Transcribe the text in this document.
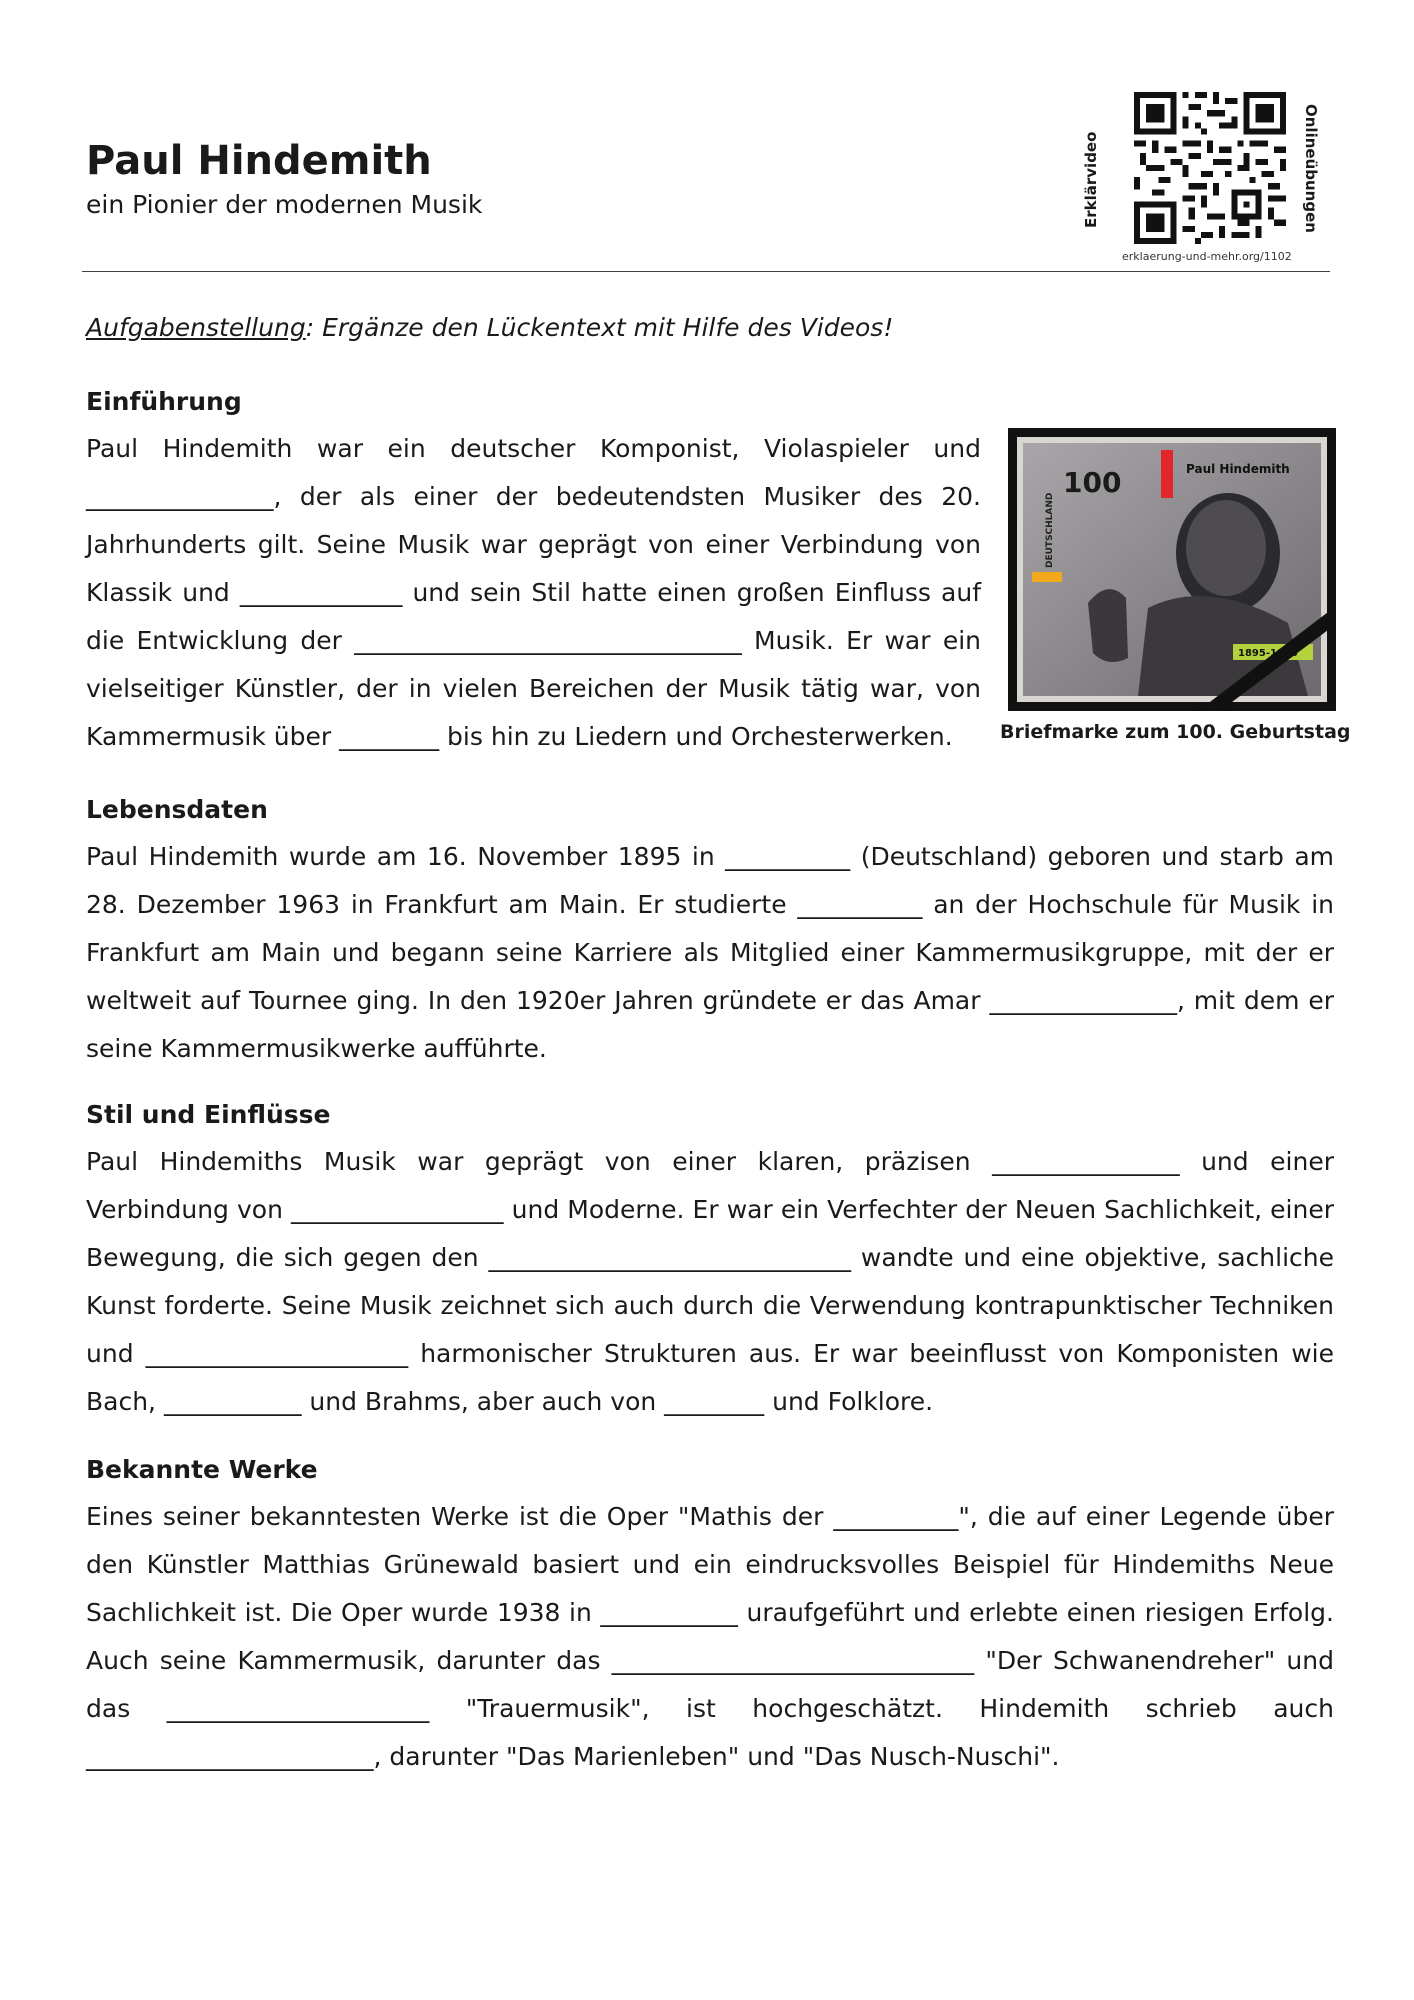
Paul Hindemith
ein Pionier der modernen Musik	Erklärvideo	Onlineübungen
erklaerung-und-mehr.org/1102
Aufgabenstellung: Ergänze den Lückentext mit Hilfe des Videos!
Einführung

Paul Hindemith war ein deutscher Komponist, Violaspieler und _______________, der als einer der bedeutendsten Musiker des 20. Jahrhunderts gilt. Seine Musik war geprägt von einer Verbindung von Klassik und _____________ und sein Stil hatte einen großen Einfluss auf die Entwicklung der _______________________________ Musik. Er war ein vielseitiger Künstler, der in vielen Bereichen der Musik tätig war, von Kammermusik über ________ bis hin zu Liedern und Orchesterwerken.

100	Paul Hindemith
DEUTSCHLAND
1895-1963
Briefmarke zum 100. Geburtstag
Lebensdaten

Paul Hindemith wurde am 16. November 1895 in __________ (Deutschland) geboren und starb am 28. Dezember 1963 in Frankfurt am Main. Er studierte __________ an der Hochschule für Musik in Frankfurt am Main und begann seine Karriere als Mitglied einer Kammermusikgruppe, mit der er weltweit auf Tournee ging. In den 1920er Jahren gründete er das Amar _______________, mit dem er seine Kammermusikwerke aufführte.

Stil und Einflüsse

Paul Hindemiths Musik war geprägt von einer klaren, präzisen _______________ und einer Verbindung von _________________ und Moderne. Er war ein Verfechter der Neuen Sachlichkeit, einer Bewegung, die sich gegen den _____________________________ wandte und eine objektive, sachliche Kunst forderte. Seine Musik zeichnet sich auch durch die Verwendung kontrapunktischer Techniken und _____________________ harmonischer Strukturen aus. Er war beeinflusst von Komponisten wie Bach, ___________ und Brahms, aber auch von ________ und Folklore.

Bekannte Werke

Eines seiner bekanntesten Werke ist die Oper "Mathis der __________", die auf einer Legende über den Künstler Matthias Grünewald basiert und ein eindrucksvolles Beispiel für Hindemiths Neue Sachlichkeit ist. Die Oper wurde 1938 in ___________ uraufgeführt und erlebte einen riesigen Erfolg. Auch seine Kammermusik, darunter das _____________________________ "Der Schwanendreher" und das _____________________ "Trauermusik", ist hochgeschätzt. Hindemith schrieb auch _______________________, darunter "Das Marienleben" und "Das Nusch-Nuschi".
